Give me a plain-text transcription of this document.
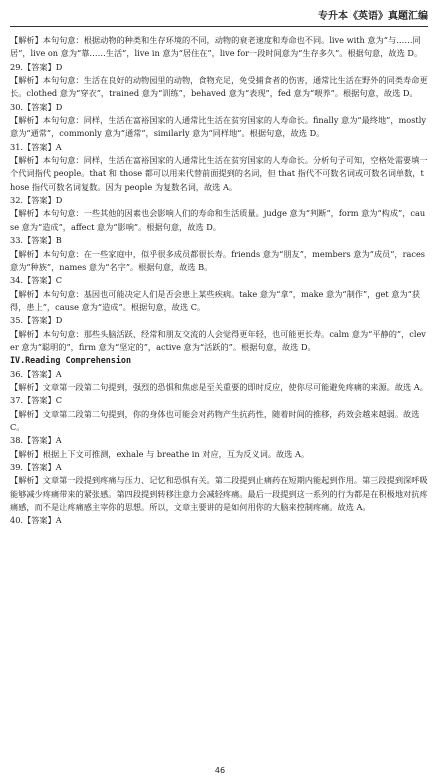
专升本《英语》真题汇编

【解析】本句句意：根据动物的种类和生存环境的不同，动物的衰老速度和寿命也不同。live with 意为“与……同居”，live on 意为“靠……生活”，live in 意为“居住在”，live for一段时间意为“生存多久”。根据句意，故选 D。

29.【答案】D

【解析】本句句意：生活在良好的动物园里的动物，食物充足，免受捕食者的伤害，通常比生活在野外的同类寿命更长。clothed 意为“穿衣”，trained 意为“训练”，behaved 意为“表现”，fed 意为“喂养”。根据句意，故选 D。

30.【答案】D

【解析】本句句意：同样，生活在富裕国家的人通常比生活在贫穷国家的人寿命长。finally 意为“最终地”，mostly 意为“通常”，commonly 意为“通常”，similarly 意为“同样地”。根据句意，故选 D。

31.【答案】A

【解析】本句句意：同样，生活在富裕国家的人通常比生活在贫穷国家的人寿命长。分析句子可知，空格处需要填一个代词指代 people。that 和 those 都可以用来代替前面提到的名词，但 that 指代不可数名词或可数名词单数，those 指代可数名词复数。因为 people 为复数名词，故选 A。

32.【答案】D

【解析】本句句意：一些其他的因素也会影响人们的寿命和生活质量。judge 意为“判断”，form 意为“构成”，cause 意为“造成”，affect 意为“影响”。根据句意，故选 D。

33.【答案】B

【解析】本句句意：在一些家庭中，似乎很多成员都很长寿。friends 意为“朋友”，members 意为“成员”，races 意为“种族”，names 意为“名字”。根据句意，故选 B。

34.【答案】C

【解析】本句句意：基因也可能决定人们是否会患上某些疾病。take 意为“拿”，make 意为“制作”，get 意为“获得，患上”，cause 意为“造成”。根据句意，故选 C。

35.【答案】D

【解析】本句句意：那些头脑活跃、经常和朋友交流的人会觉得更年轻，也可能更长寿。calm 意为“平静的”，clever 意为“聪明的”，firm 意为“坚定的”，active 意为“活跃的”。根据句意，故选 D。

IV.Reading Comprehension

36.【答案】A

【解析】文章第一段第二句提到，强烈的恐惧和焦虑是至关重要的即时反应，使你尽可能避免疼痛的来源。故选 A。

37.【答案】C

【解析】文章第二段第二句提到，你的身体也可能会对药物产生抗药性，随着时间的推移，药效会越来越弱。故选 C。

38.【答案】A

【解析】根据上下文可推测，exhale 与 breathe in 对应，互为反义词。故选 A。

39.【答案】A

【解析】文章第一段提到疼痛与压力、记忆和恐惧有关。第二段提到止痛药在短期内能起到作用。第三段提到深呼吸能够减少疼痛带来的紧张感。第四段提到转移注意力会减轻疼痛。最后一段提到这一系列的行为都是在积极地对抗疼痛感，而不是让疼痛感主宰你的思想。所以，文章主要讲的是如何用你的大脑来控制疼痛。故选 A。

40.【答案】A

46
